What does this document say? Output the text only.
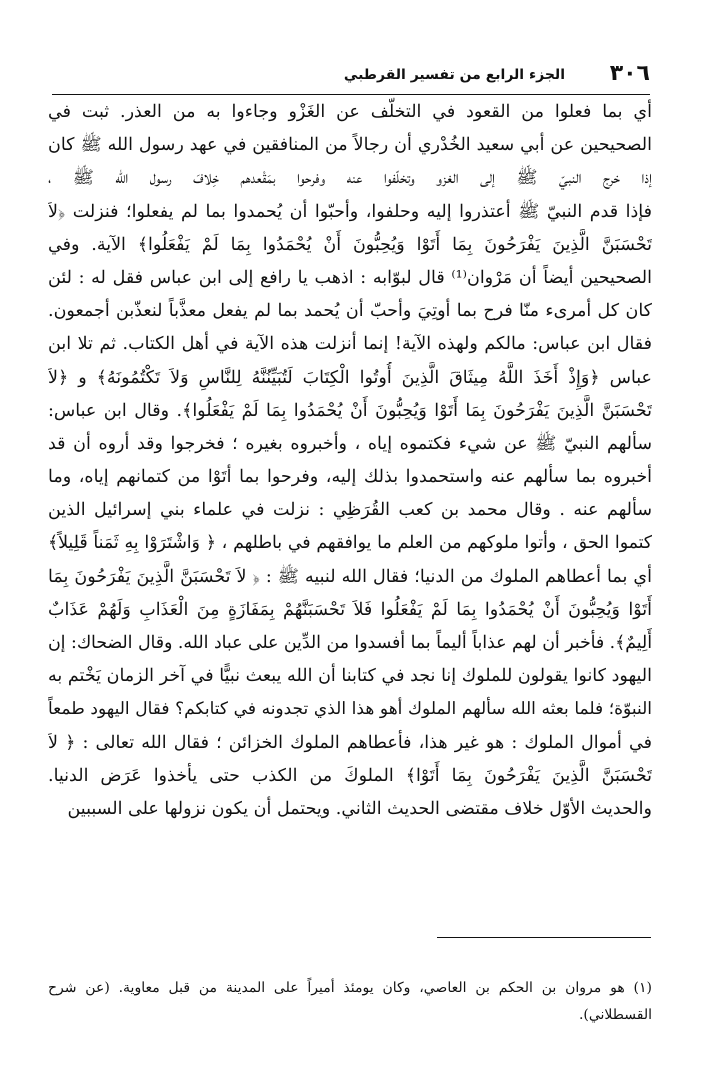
٣٠٦
الجزء الرابع من تفسير القرطبي
أي بما فعلوا من القعود في التخلّف عن الغَزْو وجاءوا به من العذر. ثبت في
الصحيحين عن أبي سعيد الخُدْري أن رجالاً من المنافقين في عهد رسول الله ﷺ كان
إذا خرج النبيّ ﷺ إلى الغزو وتخلّفوا عنه وفرحوا بمَقْعدهم خِلافَ رسول الله ﷺ ،
فإذا قدم النبيّ ﷺ أعتذروا إليه وحلفوا، وأحبّوا أن يُحمدوا بما لم يفعلوا؛ فنزلت ﴿لاَ
تَحْسَبَنَّ الَّذِينَ يَفْرَحُونَ بِمَا أَتَوْا وَيُحِبُّونَ أَنْ يُحْمَدُوا بِمَا لَمْ يَفْعَلُوا﴾ الآية. وفي
الصحيحين أيضاً أن مَرْوان⁽¹⁾ قال لبوّابه : اذهب يا رافع إلى ابن عباس فقل له : لئن
كان كل أمرىء منّا فرح بما أوتِيَ وأحبّ أن يُحمد بما لم يفعل معذَّباً لنعذّبن أجمعون.
فقال ابن عباس: مالكم ولهذه الآية! إنما أنزلت هذه الآية في أهل الكتاب. ثم تلا ابن
عباس ﴿وَإِذْ أَخَذَ اللَّهُ مِيثَاقَ الَّذِينَ أُوتُوا الْكِتَابَ لَتُبَيِّنُنَّهُ لِلنَّاسِ وَلاَ تَكْتُمُونَهُ﴾ و ﴿لاَ
تَحْسَبَنَّ الَّذِينَ يَفْرَحُونَ بِمَا أَتَوْا وَيُحِبُّونَ أَنْ يُحْمَدُوا بِمَا لَمْ يَفْعَلُوا﴾. وقال ابن عباس:
سألهم النبيّ ﷺ عن شيء فكتموه إياه ، وأخبروه بغيره ؛ فخرجوا وقد أروه أن قد
أخبروه بما سألهم عنه واستحمدوا بذلك إليه، وفرحوا بما أتَوْا من كتمانهم إياه، وما
سألهم عنه . وقال محمد بن كعب القُرَظِي : نزلت في علماء بني إسرائيل الذين
كتموا الحق ، وأتوا ملوكهم من العلم ما يوافقهم في باطلهم ، ﴿ وَاشْتَرَوْا بِهِ ثَمَناً قَلِيلاً﴾
أي بما أعطاهم الملوك من الدنيا؛ فقال الله لنبيه ﷺ : ﴿ لاَ تَحْسَبَنَّ الَّذِينَ يَفْرَحُونَ بِمَا
أَتَوْا وَيُحِبُّونَ أَنْ يُحْمَدُوا بِمَا لَمْ يَفْعَلُوا فَلاَ تَحْسَبَنَّهُمْ بِمَفَازَةٍ مِنَ الْعَذَابِ وَلَهُمْ عَذَابٌ
أَلِيمٌ﴾. فأخبر أن لهم عذاباً أليماً بما أفسدوا من الدِّين على عباد الله. وقال الضحاك: إن
اليهود كانوا يقولون للملوك إنا نجد في كتابنا أن الله يبعث نبيًّا في آخر الزمان يَخْتم به
النبوّة؛ فلما بعثه الله سألهم الملوك أهو هذا الذي تجدونه في كتابكم؟ فقال اليهود طمعاً
في أموال الملوك : هو غير هذا، فأعطاهم الملوك الخزائن ؛ فقال الله تعالى : ﴿ لاَ
تَحْسَبَنَّ الَّذِينَ يَفْرَحُونَ بِمَا أَتَوْا﴾ الملوكَ من الكذب حتى يأخذوا عَرَض الدنيا.
والحديث الأوّل خلاف مقتضى الحديث الثاني. ويحتمل أن يكون نزولها على السببين
(١) هو مروان بن الحكم بن العاصي، وكان يومئذ أميراً على المدينة من قبل معاوية. (عن شرح
القسطلاني).
